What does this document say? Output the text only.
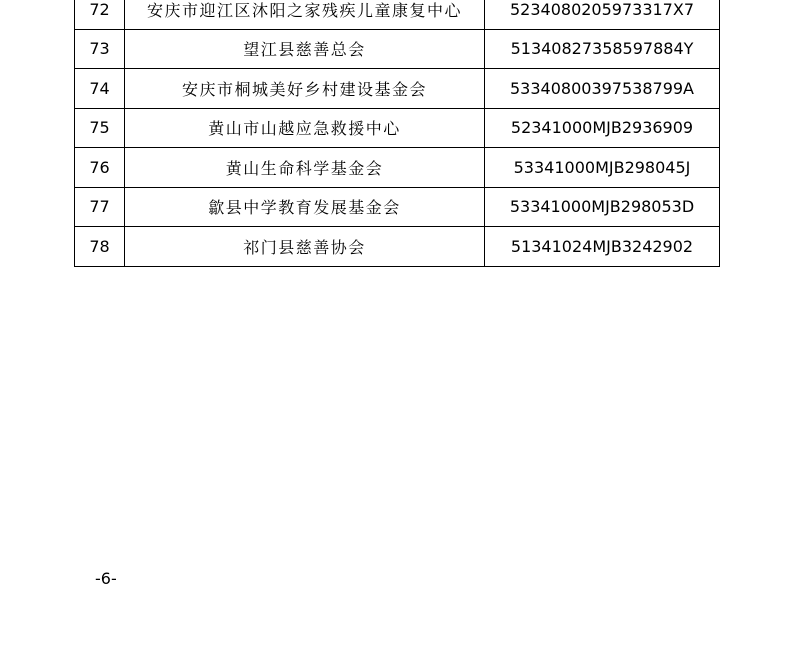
72	安庆市迎江区沐阳之家残疾儿童康复中心	5234080205973317X7
73	望江县慈善总会	51340827358597884Y
74	安庆市桐城美好乡村建设基金会	53340800397538799A
75	黄山市山越应急救援中心	52341000MJB2936909
76	黄山生命科学基金会	53341000MJB298045J
77	歙县中学教育发展基金会	53341000MJB298053D
78	祁门县慈善协会	51341024MJB3242902
-6-
